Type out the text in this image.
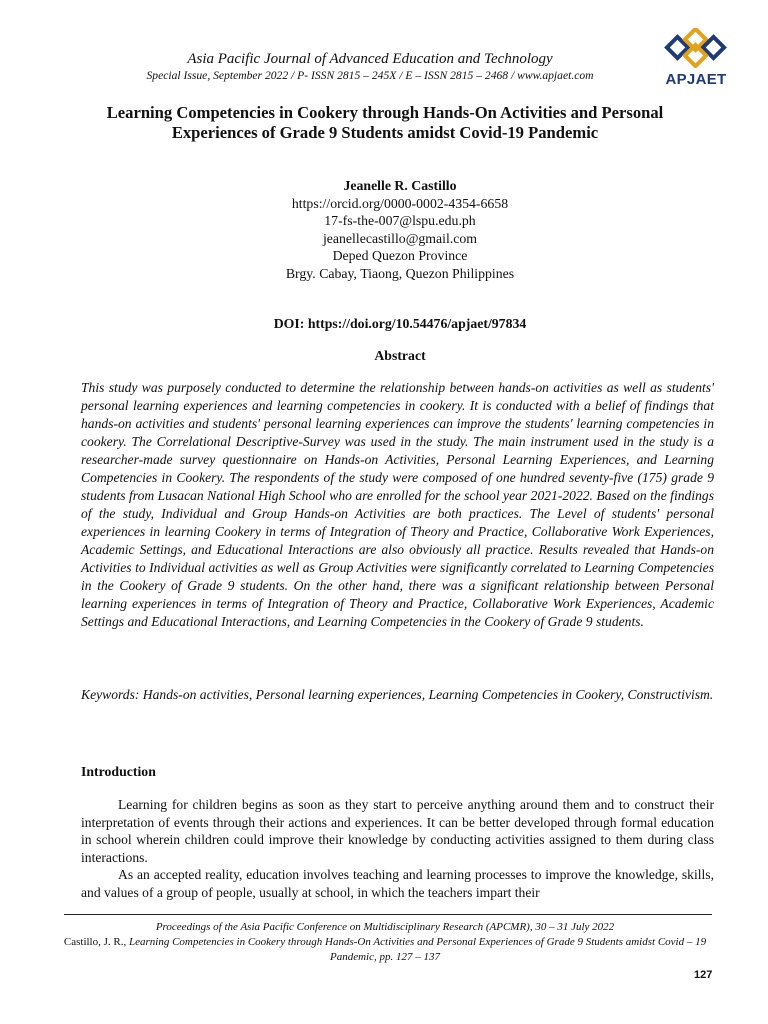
Asia Pacific Journal of Advanced Education and Technology
Special Issue, September 2022 / P- ISSN 2815 – 245X / E – ISSN 2815 – 2468 / www.apjaet.com	APJAET
Learning Competencies in Cookery through Hands-On Activities and Personal Experiences of Grade 9 Students amidst Covid-19 Pandemic
Jeanelle R. Castillo
https://orcid.org/0000-0002-4354-6658
17-fs-the-007@lspu.edu.ph
jeanellecastillo@gmail.com
Deped Quezon Province
Brgy. Cabay, Tiaong, Quezon Philippines
DOI: https://doi.org/10.54476/apjaet/97834
Abstract

This study was purposely conducted to determine the relationship between hands-on activities as well as students' personal learning experiences and learning competencies in cookery. It is conducted with a belief of findings that hands-on activities and students' personal learning experiences can improve the students' learning competencies in cookery. The Correlational Descriptive-Survey was used in the study. The main instrument used in the study is a researcher-made survey questionnaire on Hands-on Activities, Personal Learning Experiences, and Learning Competencies in Cookery. The respondents of the study were composed of one hundred seventy-five (175) grade 9 students from Lusacan National High School who are enrolled for the school year 2021-2022. Based on the findings of the study, Individual and Group Hands-on Activities are both practices. The Level of students' personal experiences in learning Cookery in terms of Integration of Theory and Practice, Collaborative Work Experiences, Academic Settings, and Educational Interactions are also obviously all practice. Results revealed that Hands-on Activities to Individual activities as well as Group Activities were significantly correlated to Learning Competencies in the Cookery of Grade 9 students. On the other hand, there was a significant relationship between Personal learning experiences in terms of Integration of Theory and Practice, Collaborative Work Experiences, Academic Settings and Educational Interactions, and Learning Competencies in the Cookery of Grade 9 students.

Keywords: Hands-on activities, Personal learning experiences, Learning Competencies in Cookery, Constructivism.

Introduction

Learning for children begins as soon as they start to perceive anything around them and to construct their interpretation of events through their actions and experiences. It can be better developed through formal education in school wherein children could improve their knowledge by conducting activities assigned to them during class interactions.

As an accepted reality, education involves teaching and learning processes to improve the knowledge, skills, and values of a group of people, usually at school, in which the teachers impart their

Proceedings of the Asia Pacific Conference on Multidisciplinary Research (APCMR), 30 – 31 July 2022
Castillo, J. R., Learning Competencies in Cookery through Hands-On Activities and Personal Experiences of Grade 9 Students amidst Covid – 19 Pandemic, pp. 127 – 137
127
